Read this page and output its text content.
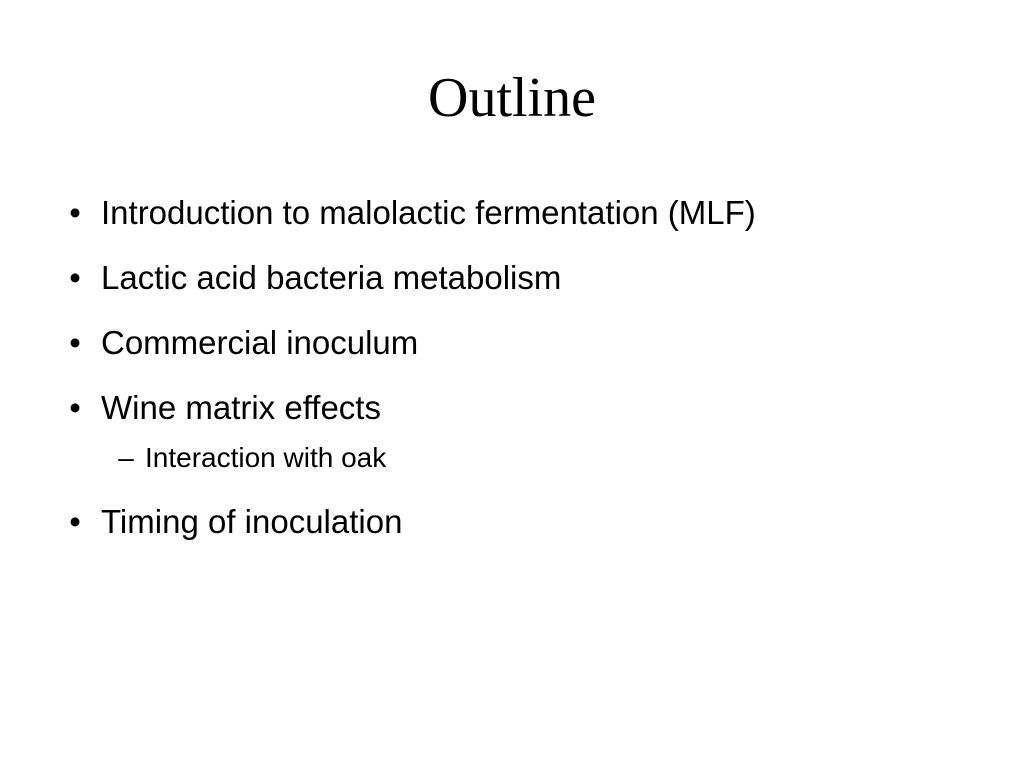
Outline
• Introduction to malolactic fermentation (MLF)
• Lactic acid bacteria metabolism
• Commercial inoculum
• Wine matrix effects
– Interaction with oak
• Timing of inoculation
